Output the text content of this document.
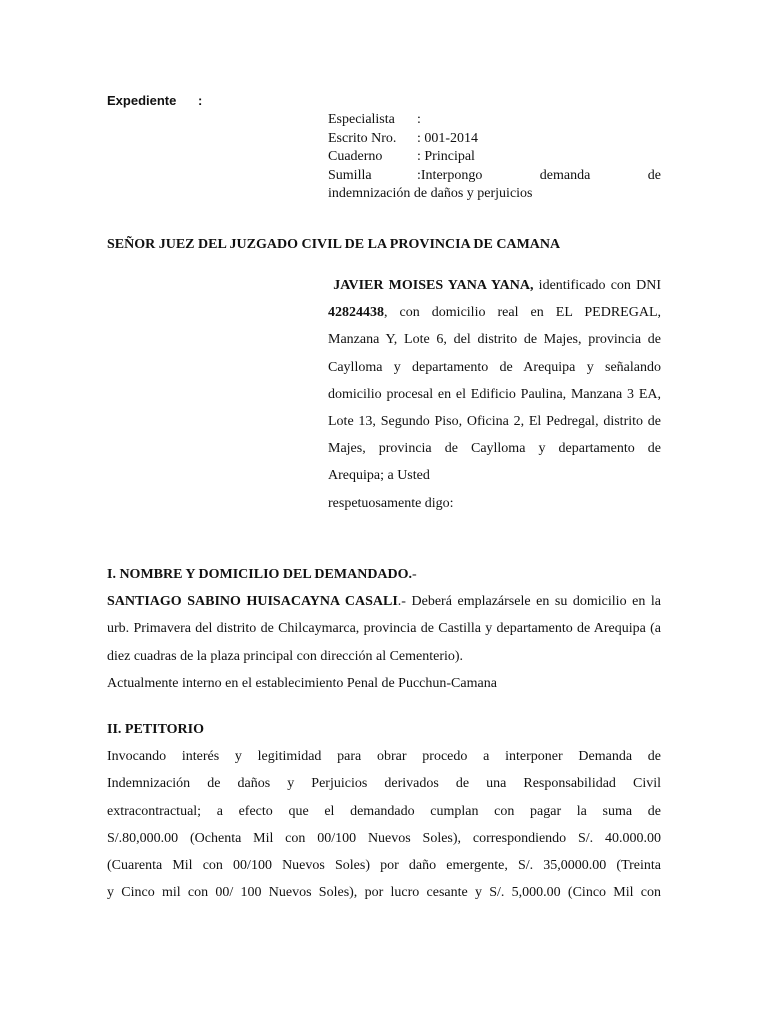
Expediente :
Especialista	:
Escrito Nro.	: 001-2014
Cuaderno	: Principal
Sumilla	:Interpongo	demanda	de
indemnización de daños y perjuicios
SEÑOR JUEZ DEL JUZGADO CIVIL DE LA PROVINCIA DE CAMANA
JAVIER MOISES YANA YANA, identificado con DNI 42824438, con domicilio real en EL PEDREGAL, Manzana Y, Lote 6, del distrito de Majes, provincia de Caylloma y departamento de Arequipa y señalando domicilio procesal en el Edificio Paulina, Manzana 3 EA, Lote 13, Segundo Piso, Oficina 2, El Pedregal, distrito de Majes, provincia de Caylloma y departamento de Arequipa; a Usted
respetuosamente digo:
I. NOMBRE Y DOMICILIO DEL DEMANDADO.-
SANTIAGO SABINO HUISACAYNA CASALI.- Deberá emplazársele en su domicilio en la urb. Primavera del distrito de Chilcaymarca, provincia de Castilla y departamento de Arequipa (a diez cuadras de la plaza principal con dirección al Cementerio).
Actualmente interno en el establecimiento Penal de Pucchun-Camana
II. PETITORIO
Invocando interés y legitimidad para obrar procedo a interponer Demanda de
Indemnización de daños y Perjuicios derivados de una Responsabilidad Civil
extracontractual; a efecto que el demandado cumplan con pagar la suma de
S/.80,000.00 (Ochenta Mil con 00/100 Nuevos Soles), correspondiendo S/. 40.000.00
(Cuarenta Mil con 00/100 Nuevos Soles) por daño emergente, S/. 35,0000.00 (Treinta
y Cinco mil con 00/ 100 Nuevos Soles), por lucro cesante y S/. 5,000.00 (Cinco Mil con
